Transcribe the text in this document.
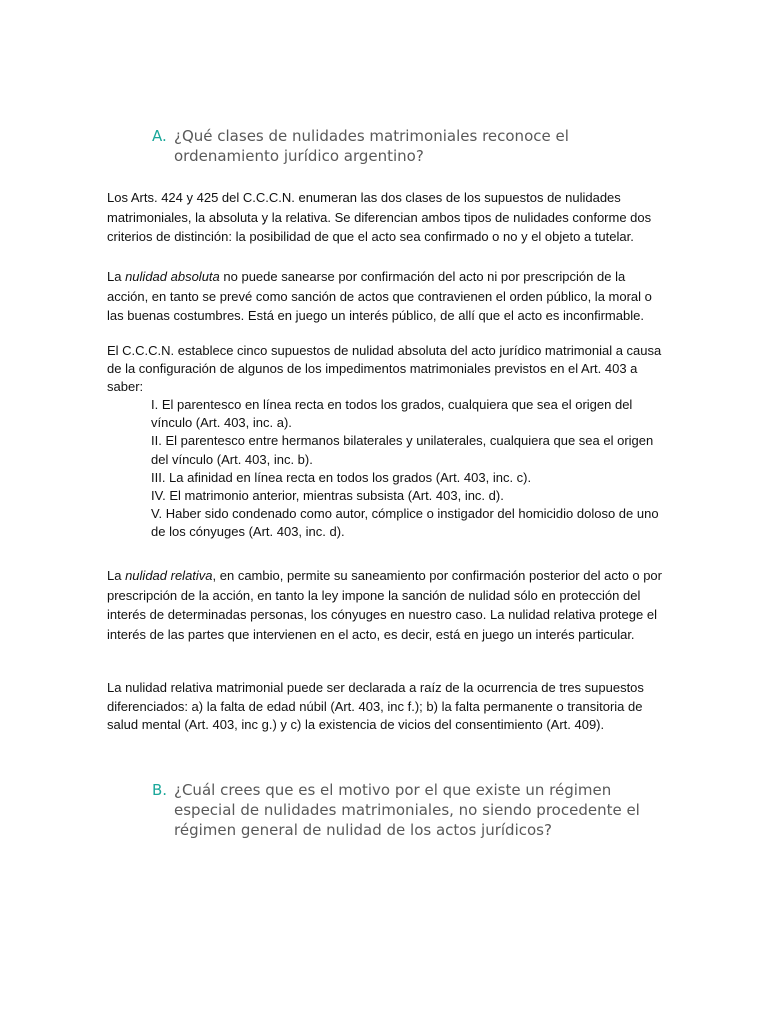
A. ¿Qué clases de nulidades matrimoniales reconoce el ordenamiento jurídico argentino?

Los Arts. 424 y 425 del C.C.C.N. enumeran las dos clases de los supuestos de nulidades matrimoniales, la absoluta y la relativa. Se diferencian ambos tipos de nulidades conforme dos criterios de distinción: la posibilidad de que el acto sea confirmado o no y el objeto a tutelar.

La nulidad absoluta no puede sanearse por confirmación del acto ni por prescripción de la acción, en tanto se prevé como sanción de actos que contravienen el orden público, la moral o las buenas costumbres. Está en juego un interés público, de allí que el acto es inconfirmable.

El C.C.C.N. establece cinco supuestos de nulidad absoluta del acto jurídico matrimonial a causa de la configuración de algunos de los impedimentos matrimoniales previstos en el Art. 403 a saber:

I. El parentesco en línea recta en todos los grados, cualquiera que sea el origen del vínculo (Art. 403, inc. a).

II. El parentesco entre hermanos bilaterales y unilaterales, cualquiera que sea el origen del vínculo (Art. 403, inc. b).

III. La afinidad en línea recta en todos los grados (Art. 403, inc. c).

IV. El matrimonio anterior, mientras subsista (Art. 403, inc. d).

V. Haber sido condenado como autor, cómplice o instigador del homicidio doloso de uno de los cónyuges (Art. 403, inc. d).

La nulidad relativa, en cambio, permite su saneamiento por confirmación posterior del acto o por prescripción de la acción, en tanto la ley impone la sanción de nulidad sólo en protección del interés de determinadas personas, los cónyuges en nuestro caso. La nulidad relativa protege el interés de las partes que intervienen en el acto, es decir, está en juego un interés particular.

La nulidad relativa matrimonial puede ser declarada a raíz de la ocurrencia de tres supuestos diferenciados: a) la falta de edad núbil (Art. 403, inc f.); b) la falta permanente o transitoria de salud mental (Art. 403, inc g.) y c) la existencia de vicios del consentimiento (Art. 409).

B. ¿Cuál crees que es el motivo por el que existe un régimen especial de nulidades matrimoniales, no siendo procedente el régimen general de nulidad de los actos jurídicos?
